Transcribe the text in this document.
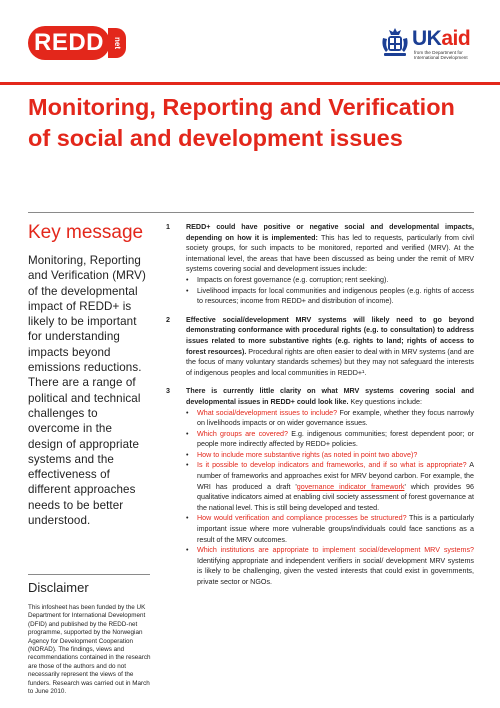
REDD	net	UKaid
from the Department for International Development
Monitoring, Reporting and Verification of social and development issues
Key message
Monitoring, Reporting and Verification (MRV) of the developmental impact of REDD+ is likely to be important for understanding impacts beyond emissions reductions. There are a range of political and technical challenges to overcome in the design of appropriate systems and the effectiveness of different approaches needs to be better understood.
Disclaimer
This infosheet has been funded by the UK Department for International Development (DFID) and published by the REDD-net programme, supported by the Norwegian Agency for Development Cooperation (NORAD). The findings, views and recommendations contained in the research are those of the authors and do not necessarily represent the views of the funders. Research was carried out in March to June 2010.
1 REDD+ could have positive or negative social and developmental impacts, depending on how it is implemented: This has led to requests, particularly from civil society groups, for such impacts to be monitored, reported and verified (MRV). At the international level, the areas that have been discussed as being under the remit of MRV systems covering social and development issues include:

• Impacts on forest governance (e.g. corruption; rent seeking).
• Livelihood impacts for local communities and indigenous peoples (e.g. rights of access to resources; income from REDD+ and distribution of income).
2 Effective social/development MRV systems will likely need to go beyond demonstrating conformance with procedural rights (e.g. to consultation) to address issues related to more substantive rights (e.g. rights to land; rights of access to forest resources). Procedural rights are often easier to deal with in MRV systems (and are the focus of many voluntary standards schemes) but they may not safeguard the interests of indigenous peoples and local communities in REDD+¹.

3 There is currently little clarity on what MRV systems covering social and developmental issues in REDD+ could look like. Key questions include:

• What social/development issues to include? For example, whether they focus narrowly on livelihoods impacts or on wider governance issues.
• Which groups are covered? E.g. indigenous communities; forest dependent poor; or people more indirectly affected by REDD+ policies.
• How to include more substantive rights (as noted in point two above)?
• Is it possible to develop indicators and frameworks, and if so what is appropriate? A number of frameworks and approaches exist for MRV beyond carbon. For example, the WRI has produced a draft 'governance indicator framework' which provides 96 qualitative indicators aimed at enabling civil society assessment of forest governance at the national level. This is still being developed and tested.
• How would verification and compliance processes be structured? This is a particularly important issue where more vulnerable groups/individuals could face sanctions as a result of the MRV outcomes.
• Which institutions are appropriate to implement social/development MRV systems? Identifying appropriate and independent verifiers in social/ development MRV systems is likely to be challenging, given the vested interests that could exist in governments, private sector or NGOs.
